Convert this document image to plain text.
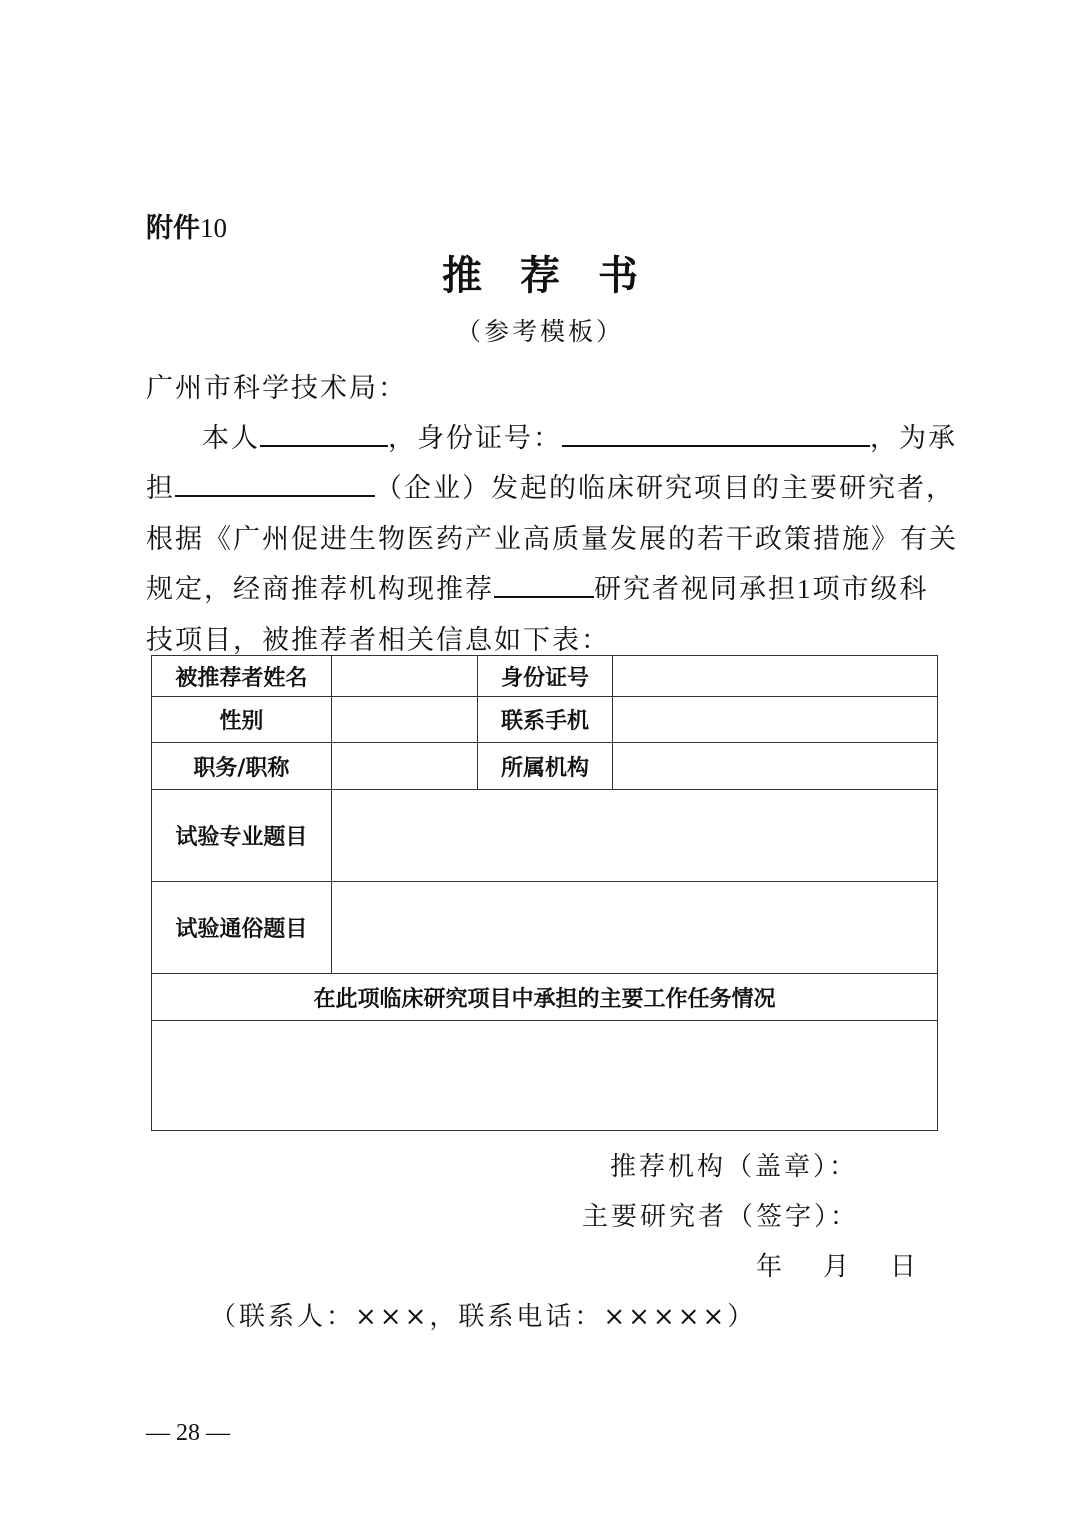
附件10
推荐书
（参考模板）
广州市科学技术局：
本人	，身份证号：	，为承
担	（企业）发起的临床研究项目的主要研究者，
根据《广州促进生物医药产业高质量发展的若干政策措施》有关
规定，经商推荐机构现推荐	研究者视同承担1项市级科
技项目，被推荐者相关信息如下表：
被推荐者姓名		身份证号	
性别		联系手机	
职务/职称		所属机构	
试验专业题目			
试验通俗题目			
在此项临床研究项目中承担的主要工作任务情况			

推荐机构（盖章）：
主要研究者（签字）：
年 月 日
（联系人：×××，联系电话：×××××）
— 28 —
